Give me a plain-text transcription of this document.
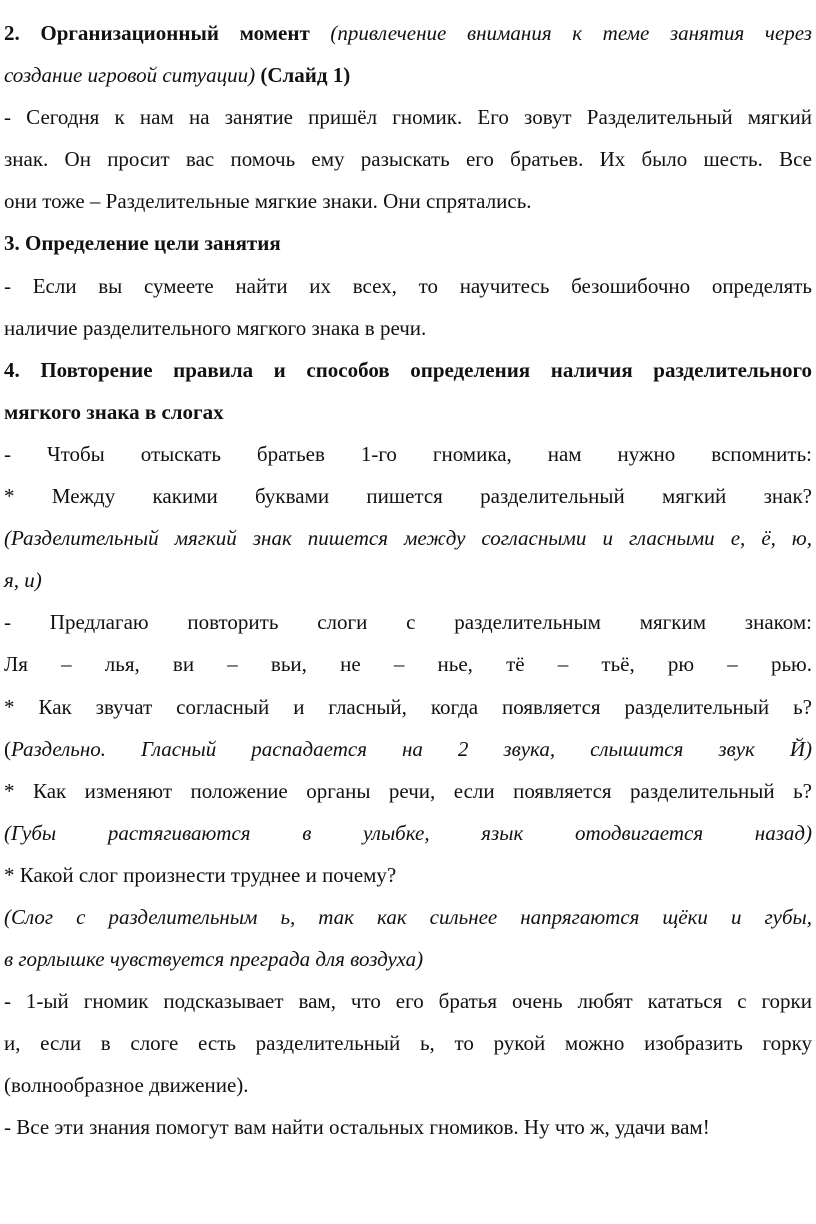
2. Организационный момент (привлечение внимания к теме занятия через
создание игровой ситуации) (Слайд 1)
- Сегодня к нам на занятие пришёл гномик. Его зовут Разделительный мягкий
знак. Он просит вас помочь ему разыскать его братьев. Их было шесть. Все
они тоже – Разделительные мягкие знаки. Они спрятались.
3. Определение цели занятия
- Если вы сумеете найти их всех, то научитесь безошибочно определять
наличие разделительного мягкого знака в речи.
4. Повторение правила и способов определения наличия разделительного
мягкого знака в слогах
- Чтобы отыскать братьев 1-го гномика, нам нужно вспомнить:
* Между какими буквами пишется разделительный мягкий знак?
(Разделительный мягкий знак пишется между согласными и гласными е, ё, ю,
я, и)
- Предлагаю повторить слоги с разделительным мягким знаком:
Ля – лья, ви – вьи, не – нье, тё – тьё, рю – рью.
* Как звучат согласный и гласный, когда появляется разделительный ь?
(Раздельно. Гласный распадается на 2 звука, слышится звук Й)
* Как изменяют положение органы речи, если появляется разделительный ь?
(Губы растягиваются в улыбке, язык отодвигается назад)
* Какой слог произнести труднее и почему?
(Слог с разделительным ь, так как сильнее напрягаются щёки и губы,
в горлышке чувствуется преграда для воздуха)
- 1-ый гномик подсказывает вам, что его братья очень любят кататься с горки
и, если в слоге есть разделительный ь, то рукой можно изобразить горку
(волнообразное движение).
- Все эти знания помогут вам найти остальных гномиков. Ну что ж, удачи вам!
